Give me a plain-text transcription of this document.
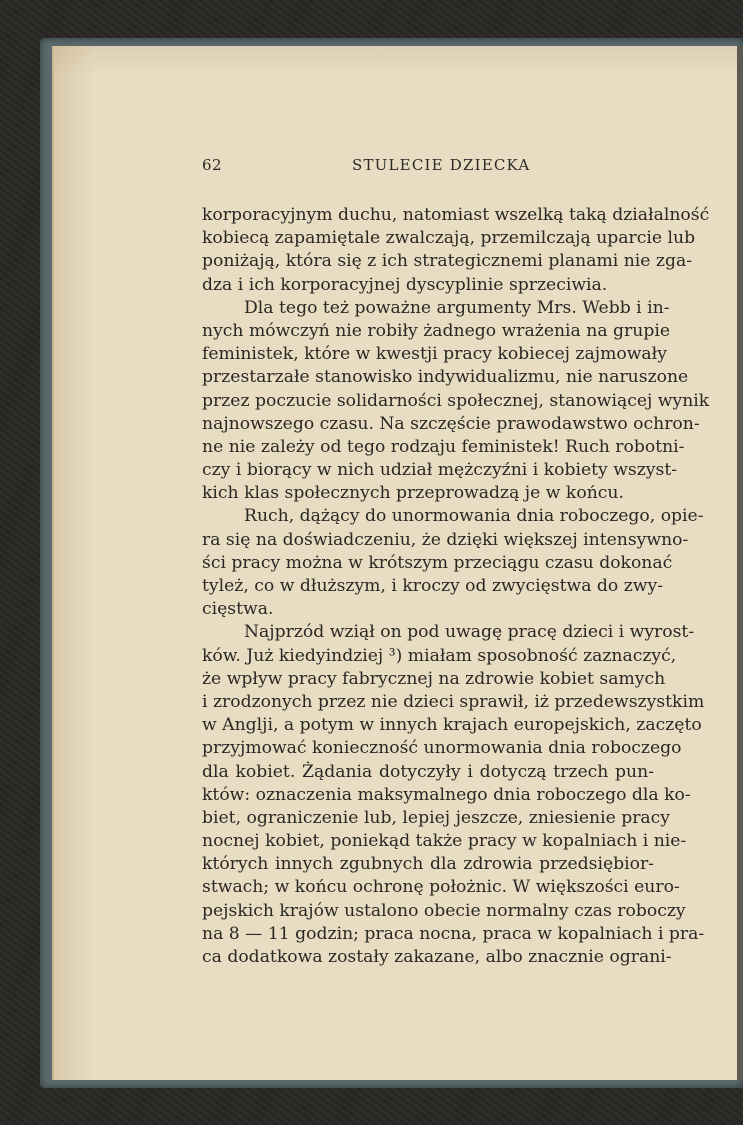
62	STULECIE DZIECKA
korporacyjnym duchu, natomiast wszelką taką działalność
kobiecą zapamiętale zwalczają, przemilczają uparcie lub
poniżają, która się z ich strategicznemi planami nie zga-
dza i ich korporacyjnej dyscyplinie sprzeciwia.
Dla tego też poważne argumenty Mrs. Webb i in-
nych mówczyń nie robiły żadnego wrażenia na grupie
feministek, które w kwestji pracy kobiecej zajmowały
przestarzałe stanowisko indywidualizmu, nie naruszone
przez poczucie solidarności społecznej, stanowiącej wynik
najnowszego czasu. Na szczęście prawodawstwo ochron-
ne nie zależy od tego rodzaju feministek! Ruch robotni-
czy i biorący w nich udział mężczyźni i kobiety wszyst-
kich klas społecznych przeprowadzą je w końcu.
Ruch, dążący do unormowania dnia roboczego, opie-
ra się na doświadczeniu, że dzięki większej intensywno-
ści pracy można w krótszym przeciągu czasu dokonać
tyleż, co w dłuższym, i kroczy od zwycięstwa do zwy-
cięstwa.
Najprzód wziął on pod uwagę pracę dzieci i wyrost-
ków. Już kiedyindziej ³) miałam sposobność zaznaczyć,
że wpływ pracy fabrycznej na zdrowie kobiet samych
i zrodzonych przez nie dzieci sprawił, iż przedewszystkim
w Anglji, a potym w innych krajach europejskich, zaczęto
przyjmować konieczność unormowania dnia roboczego
dla kobiet. Żądania dotyczyły i dotyczą trzech pun-
któw: oznaczenia maksymalnego dnia roboczego dla ko-
biet, ograniczenie lub, lepiej jeszcze, zniesienie pracy
nocnej kobiet, poniekąd także pracy w kopalniach i nie-
których innych zgubnych dla zdrowia przedsiębior-
stwach; w końcu ochronę położnic. W większości euro-
pejskich krajów ustalono obecie normalny czas roboczy
na 8 — 11 godzin; praca nocna, praca w kopalniach i pra-
ca dodatkowa zostały zakazane, albo znacznie ograni-
